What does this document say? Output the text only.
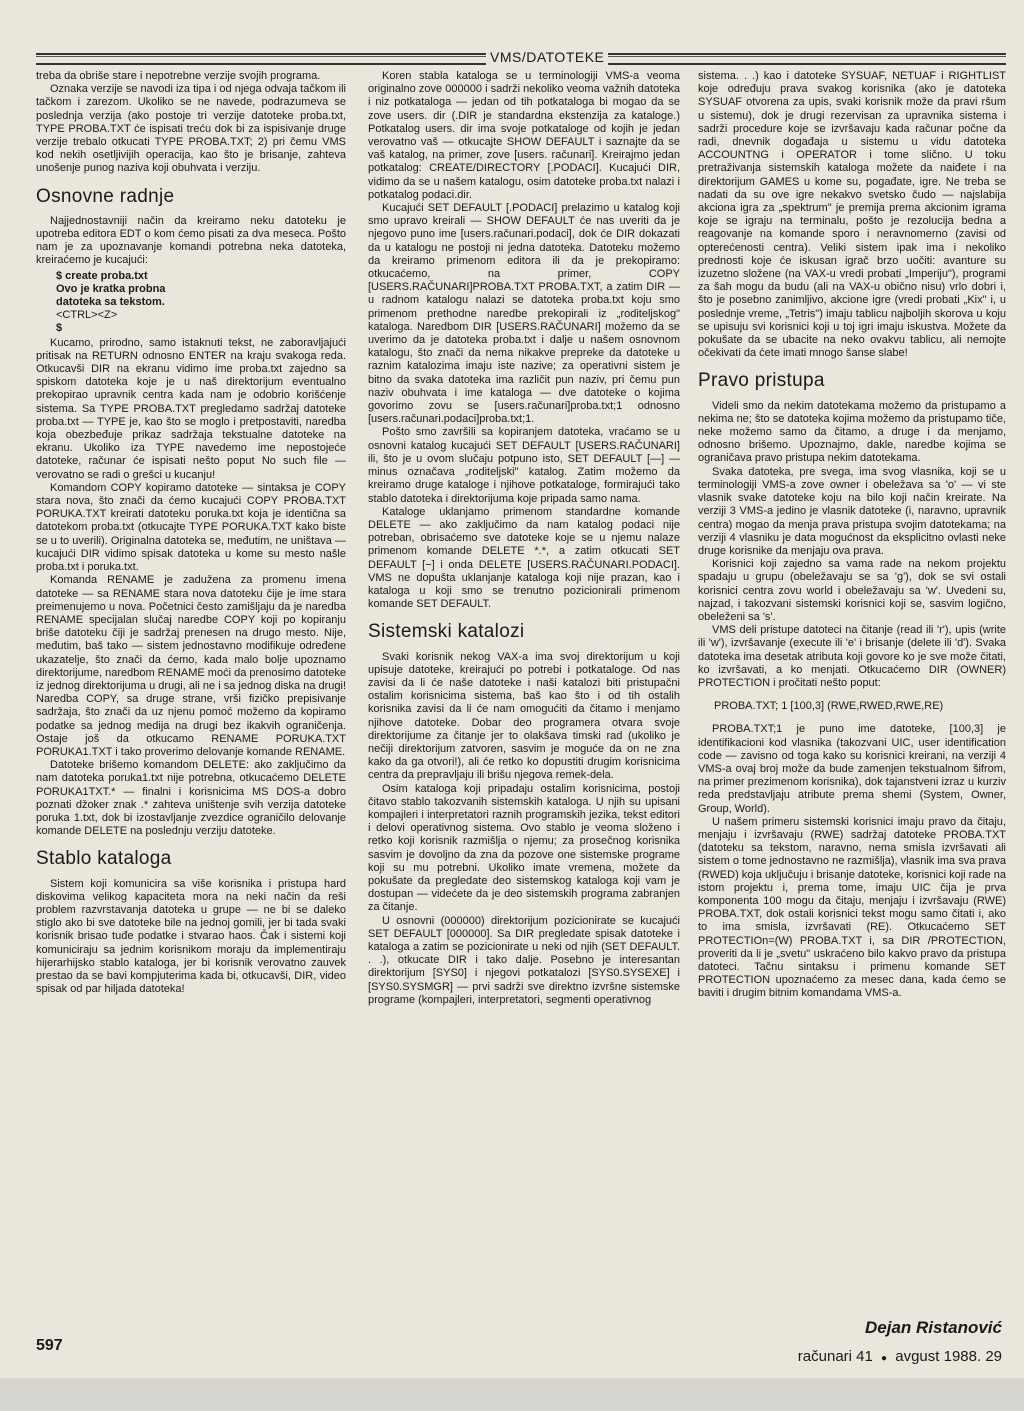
VMS/DATOTEKE

treba da obriše stare i nepotrebne verzije svojih programa.

Oznaka verzije se navodi iza tipa i od njega odvaja tačkom ili tačkom i zarezom. Ukoliko se ne navede, podrazumeva se poslednja verzija (ako postoje tri verzije datoteke proba.txt, TYPE PROBA.TXT će ispisati treću dok bi za ispisivanje druge verzije trebalo otkucati TYPE PROBA.TXT; 2) pri čemu VMS kod nekih osetljivijih operacija, kao što je brisanje, zahteva unošenje punog naziva koji obuhvata i verziju.

Osnovne radnje

Najjednostavniji način da kreiramo neku datoteku je upotreba editora EDT o kom ćemo pisati za dva meseca. Pošto nam je za upoznavanje komandi potrebna neka datoteka, kreiraćemo je kucajući:

$ create proba.txt
Ovo je kratka probna
datoteka sa tekstom.
<CTRL><Z>
$

Kucamo, prirodno, samo istaknuti tekst, ne zaboravljajući pritisak na RETURN odnosno ENTER na kraju svakoga reda. Otkucavši DIR na ekranu vidimo ime proba.txt zajedno sa spiskom datoteka koje je u naš direktorijum eventualno prekopirao upravnik centra kada nam je odobrio korišćenje sistema. Sa TYPE PROBA.TXT pregledamo sadržaj datoteke proba.txt — TYPE je, kao što se moglo i pretpostaviti, naredba koja obezbeđuje prikaz sadržaja tekstualne datoteke na ekranu. Ukoliko iza TYPE navedemo ime nepostojeće datoteke, računar će ispisati nešto poput No such file — verovatno se radi o grešci u kucanju!

Komandom COPY kopiramo datoteke — sintaksa je COPY stara nova, što znači da ćemo kucajući COPY PROBA.TXT PORUKA.TXT kreirati datoteku poruka.txt koja je identična sa datotekom proba.txt (otkucajte TYPE PORUKA.TXT kako biste se u to uverili). Originalna datoteka se, međutim, ne uništava — kucajući DIR vidimo spisak datoteka u kome su mesto našle proba.txt i poruka.txt.

Komanda RENAME je zadužena za promenu imena datoteke — sa RENAME stara nova datoteku čije je ime stara preimenujemo u nova. Početnici često zamišljaju da je naredba RENAME specijalan slučaj naredbe COPY koji po kopiranju briše datoteku čiji je sadržaj prenesen na drugo mesto. Nije, međutim, baš tako — sistem jednostavno modifikuje određene ukazatelje, što znači da ćemo, kada malo bolje upoznamo direktorijume, naredbom RENAME moći da prenosimo datoteke iz jednog direktorijuma u drugi, ali ne i sa jednog diska na drugi! Naredba COPY, sa druge strane, vrši fizičko prepisivanje sadržaja, što znači da uz njenu pomoć možemo da kopiramo podatke sa jednog medija na drugi bez ikakvih ograničenja. Ostaje još da otkucamo RENAME PORUKA.TXT PORUKA1.TXT i tako proverimo delovanje komande RENAME.

Datoteke brišemo komandom DELETE: ako zaključimo da nam datoteka poruka1.txt nije potrebna, otkucaćemo DELETE PORUKA1TXT.* — finalni i korisnicima MS DOS-a dobro poznati džoker znak .* zahteva uništenje svih verzija datoteke poruka 1.txt, dok bi izostavljanje zvezdice ograničilo delovanje komande DELETE na poslednju verziju datoteke.

Stablo kataloga

Sistem koji komunicira sa više korisnika i pristupa hard diskovima velikog kapaciteta mora na neki način da reši problem razvrstavanja datoteka u grupe — ne bi se daleko stiglo ako bi sve datoteke bile na jednoj gomili, jer bi tada svaki korisnik brisao tuđe podatke i stvarao haos. Čak i sistemi koji komuniciraju sa jednim korisnikom moraju da implementiraju hijerarhijsko stablo kataloga, jer bi korisnik verovatno zauvek prestao da se bavi kompjuterima kada bi, otkucavši, DIR, video spisak od par hiljada datoteka!

Koren stabla kataloga se u terminologiji VMS-a veoma originalno zove 000000 i sadrži nekoliko veoma važnih datoteka i niz potkataloga — jedan od tih potkataloga bi mogao da se zove users. dir (.DIR je standardna ekstenzija za kataloge.) Potkatalog users. dir ima svoje potkataloge od kojih je jedan verovatno vaš — otkucajte SHOW DEFAULT i saznajte da se vaš katalog, na primer, zove [users. računari]. Kreirajmo jedan potkatalog: CREATE/DIRECTORY [.PODACI]. Kucajući DIR, vidimo da se u našem katalogu, osim datoteke proba.txt nalazi i potkatalog podaci.dir.

Kucajući SET DEFAULT [.PODACI] prelazimo u katalog koji smo upravo kreirali — SHOW DEFAULT će nas uveriti da je njegovo puno ime [users.računari.podaci], dok će DIR dokazati da u katalogu ne postoji ni jedna datoteka. Datoteku možemo da kreiramo primenom editora ili da je prekopiramo: otkucaćemo, na primer, COPY [USERS.RAČUNARI]PROBA.TXT PROBA.TXT, a zatim DIR — u radnom katalogu nalazi se datoteka proba.txt koju smo primenom prethodne naredbe prekopirali iz „roditeljskog" kataloga. Naredbom DIR [USERS.RAČUNARI] možemo da se uverimo da je datoteka proba.txt i dalje u našem osnovnom katalogu, što znači da nema nikakve prepreke da datoteke u raznim katalozima imaju iste nazive; za operativni sistem je bitno da svaka datoteka ima različit pun naziv, pri čemu pun naziv obuhvata i ime kataloga — dve datoteke o kojima govorimo zovu se [users.računari]proba.txt;1 odnosno [users.računari.podaci]proba.txt;1.

Pošto smo završili sa kopiranjem datoteka, vraćamo se u osnovni katalog kucajući SET DEFAULT [USERS.RAČUNARI] ili, što je u ovom slučaju potpuno isto, SET DEFAULT [—] — minus označava „roditeljski" katalog. Zatim možemo da kreiramo druge kataloge i njihove potkataloge, formirajući tako stablo datoteka i direktorijuma koje pripada samo nama.

Kataloge uklanjamo primenom standardne komande DELETE — ako zaključimo da nam katalog podaci nije potreban, obrisaćemo sve datoteke koje se u njemu nalaze primenom komande DELETE *.*, a zatim otkucati SET DEFAULT [−] i onda DELETE [USERS.RAČUNARI.PODACI]. VMS ne dopušta uklanjanje kataloga koji nije prazan, kao i kataloga u koji smo se trenutno pozicionirali primenom komande SET DEFAULT.

Sistemski katalozi

Svaki korisnik nekog VAX-a ima svoj direktorijum u koji upisuje datoteke, kreirajući po potrebi i potkataloge. Od nas zavisi da li će naše datoteke i naši katalozi biti pristupačni ostalim korisnicima sistema, baš kao što i od tih ostalih korisnika zavisi da li će nam omogućiti da čitamo i menjamo njihove datoteke. Dobar deo programera otvara svoje direktorijume za čitanje jer to olakšava timski rad (ukoliko je nečiji direktorijum zatvoren, sasvim je moguće da on ne zna kako da ga otvori!), ali će retko ko dopustiti drugim korisnicima centra da prepravljaju ili brišu njegova remek-dela.

Osim kataloga koji pripadaju ostalim korisnicima, postoji čitavo stablo takozvanih sistemskih kataloga. U njih su upisani kompajleri i interpretatori raznih programskih jezika, tekst editori i delovi operativnog sistema. Ovo stablo je veoma složeno i retko koji korisnik razmišlja o njemu; za prosečnog korisnika sasvim je dovoljno da zna da pozove one sistemske programe koji su mu potrebni. Ukoliko imate vremena, možete da pokušate da pregledate deo sistemskog kataloga koji vam je dostupan — videćete da je deo sistemskih programa zabranjen za čitanje.

U osnovni (000000) direktorijum pozicionirate se kucajući SET DEFAULT [000000]. Sa DIR pregledate spisak datoteke i kataloga a zatim se pozicionirate u neki od njih (SET DEFAULT. . .), otkucate DIR i tako dalje. Posebno je interesantan direktorijum [SYS0] i njegovi potkatalozi [SYS0.SYSEXE] i [SYS0.SYSMGR] — prvi sadrži sve direktno izvršne sistemske programe (kompajleri, interpretatori, segmenti operativnog

sistema. . .) kao i datoteke SYSUAF, NETUAF i RIGHTLIST koje određuju prava svakog korisnika (ako je datoteka SYSUAF otvorena za upis, svaki korisnik može da pravi ršum u sistemu), dok je drugi rezervisan za upravnika sistema i sadrži procedure koje se izvršavaju kada računar počne da radi, dnevnik događaja u sistemu u vidu datoteka ACCOUNTNG i OPERATOR i tome slično. U toku pretraživanja sistemskih kataloga možete da naiđete i na direktorijum GAMES u kome su, pogađate, igre. Ne treba se nadati da su ove igre nekakvo svetsko čudo — najslabija akciona igra za „spektrum" je premija prema akcionim igrama koje se igraju na terminalu, pošto je rezolucija bedna a reagovanje na komande sporo i neravnomerno (zavisi od opterećenosti centra). Veliki sistem ipak ima i nekoliko prednosti koje će iskusan igrač brzo uočiti: avanture su izuzetno složene (na VAX-u vredi probati „Imperiju"), programi za šah mogu da budu (ali na VAX-u obično nisu) vrlo dobri i, što je posebno zanimljivo, akcione igre (vredi probati „Kix" i, u poslednje vreme, „Tetris") imaju tablicu najboljih skorova u koju se upisuju svi korisnici koji u toj igri imaju iskustva. Možete da pokušate da se ubacite na neko ovakvu tablicu, ali nemojte očekivati da ćete imati mnogo šanse slabe!

Pravo pristupa

Videli smo da nekim datotekama možemo da pristupamo a nekima ne; što se datoteka kojima možemo da pristupamo tiče, neke možemo samo da čitamo, a druge i da menjamo, odnosno brišemo. Upoznajmo, dakle, naredbe kojima se ograničava pravo pristupa nekim datotekama.

Svaka datoteka, pre svega, ima svog vlasnika, koji se u terminologiji VMS-a zove owner i obeležava sa 'o' — vi ste vlasnik svake datoteke koju na bilo koji način kreirate. Na verziji 3 VMS-a jedino je vlasnik datoteke (i, naravno, upravnik centra) mogao da menja prava pristupa svojim datotekama; na verziji 4 vlasniku je data mogućnost da eksplicitno ovlasti neke druge korisnike da menjaju ova prava.

Korisnici koji zajedno sa vama rade na nekom projektu spadaju u grupu (obeležavaju se sa 'g'), dok se svi ostali korisnici centra zovu world i obeležavaju sa 'w'. Uvedeni su, najzad, i takozvani sistemski korisnici koji se, sasvim logično, obeleženi sa 's'.

VMS deli pristupe datoteci na čitanje (read ili 'r'), upis (write ili 'w'), izvršavanje (execute ili 'e' i brisanje (delete ili 'd'). Svaka datoteka ima desetak atributa koji govore ko je sve može čitati, ko izvršavati, a ko menjati. Otkucaćemo DIR (OWNER) PROTECTION i pročitati nešto poput:

PROBA.TXT; 1 [100,3] (RWE,RWED,RWE,RE)

PROBA.TXT;1 je puno ime datoteke, [100,3] je identifikacioni kod vlasnika (takozvani UIC, user identification code — zavisno od toga kako su korisnici kreirani, na verziji 4 VMS-a ovaj broj može da bude zamenjen tekstualnom šifrom, na primer prezimenom korisnika), dok tajanstveni izraz u kurziv reda predstavljaju atribute prema shemi (System, Owner, Group, World).

U našem primeru sistemski korisnici imaju pravo da čitaju, menjaju i izvršavaju (RWE) sadržaj datoteke PROBA.TXT (datoteku sa tekstom, naravno, nema smisla izvršavati ali sistem o tome jednostavno ne razmišlja), vlasnik ima sva prava (RWED) koja uključuju i brisanje datoteke, korisnici koji rade na istom projektu i, prema tome, imaju UIC čija je prva komponenta 100 mogu da čitaju, menjaju i izvršavaju (RWE) PROBA.TXT, dok ostali korisnici tekst mogu samo čitati i, ako to ima smisla, izvršavati (RE). Otkucaćemo SET PROTECTIOn=(W) PROBA.TXT i, sa DIR /PROTECTION, proveriti da li je „svetu" uskraćeno bilo kakvo pravo da pristupa datoteci. Tačnu sintaksu i primenu komande SET PROTECTION upoznaćemo za mesec dana, kada ćemo se baviti i drugim bitnim komandama VMS-a.

597
Dejan Ristanović
računari 41 ● avgust 1988. 29
